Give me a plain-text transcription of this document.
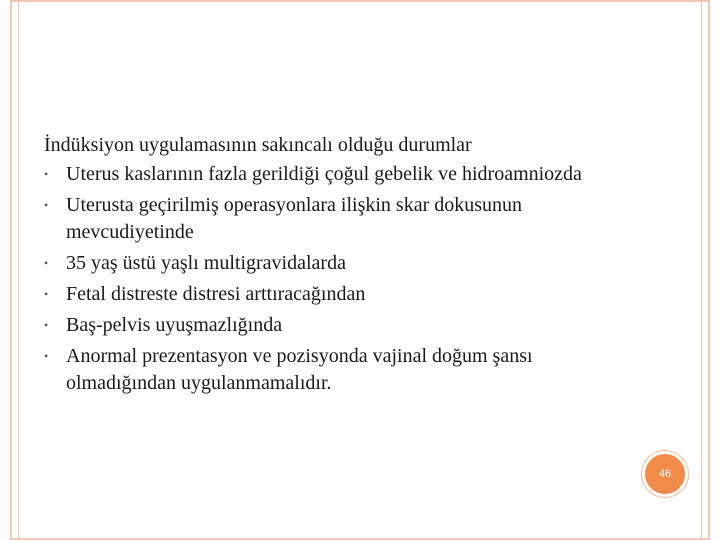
İndüksiyon uygulamasının sakıncalı olduğu durumlar
• Uterus kaslarının fazla gerildiği çoğul gebelik ve hidroamniozda
• Uterusta geçirilmiş operasyonlara ilişkin skar dokusunun mevcudiyetinde
• 35 yaş üstü yaşlı multigravidalarda
• Fetal distreste distresi arttıracağından
• Baş-pelvis uyuşmazlığında
• Anormal prezentasyon ve pozisyonda vajinal doğum şansı olmadığından uygulanmamalıdır.
46
